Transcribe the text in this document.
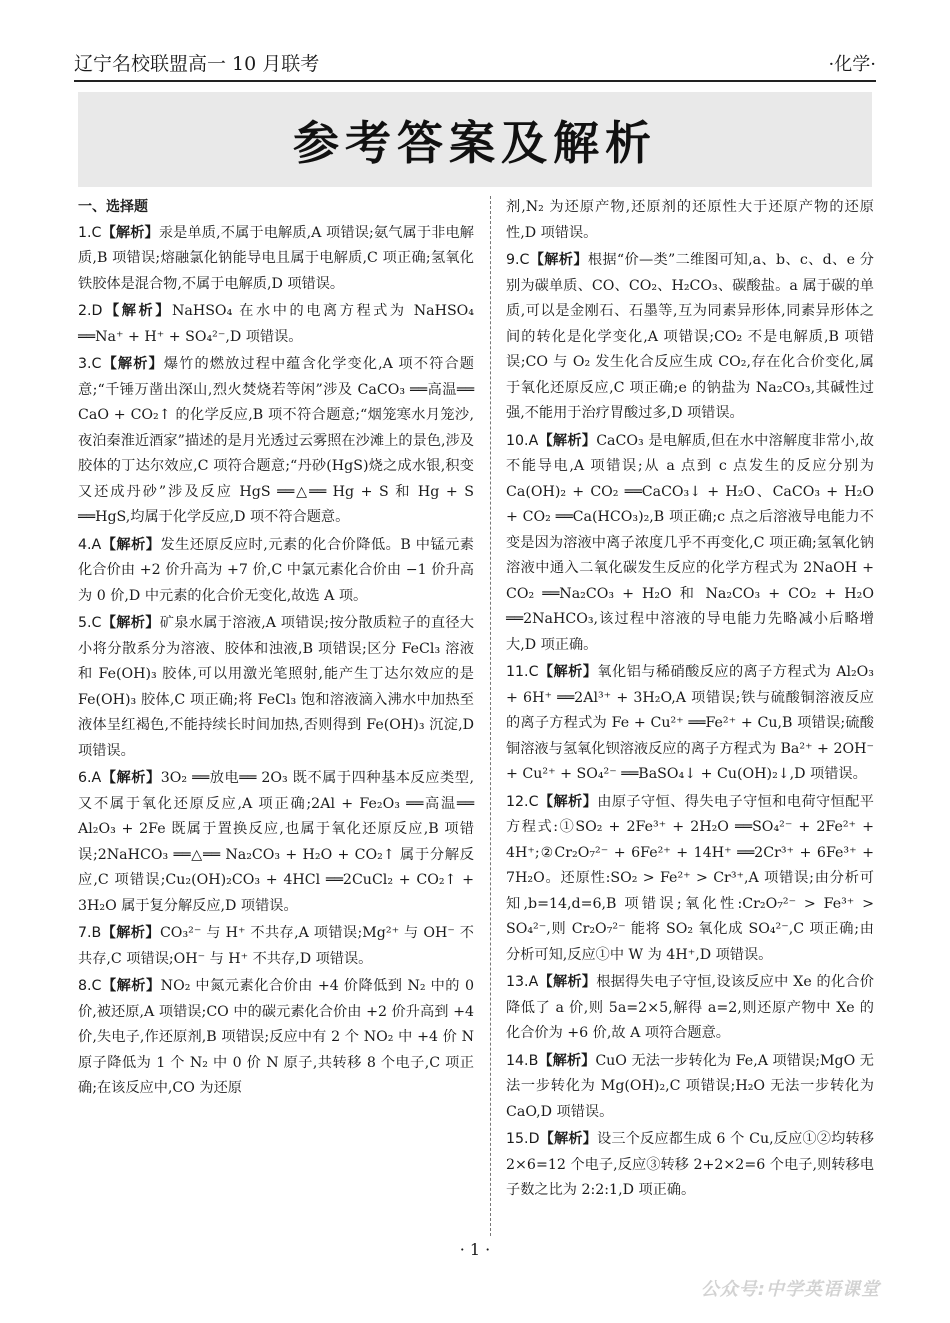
辽宁名校联盟高一 10 月联考	·化学·
参考答案及解析
一、选择题
1.C【解析】汞是单质,不属于电解质,A 项错误;氨气属于非电解质,B 项错误;熔融氯化钠能导电且属于电解质,C 项正确;氢氧化铁胶体是混合物,不属于电解质,D 项错误。
2.D【解析】NaHSO₄ 在水中的电离方程式为 NaHSO₄ ══Na⁺ + H⁺ + SO₄²⁻,D 项错误。
3.C【解析】爆竹的燃放过程中蕴含化学变化,A 项不符合题意;“千锤万凿出深山,烈火焚烧若等闲”涉及 CaCO₃ ══高温══ CaO + CO₂↑ 的化学反应,B 项不符合题意;“烟笼寒水月笼沙,夜泊秦淮近酒家”描述的是月光透过云雾照在沙滩上的景色,涉及胶体的丁达尔效应,C 项符合题意;“丹砂(HgS)烧之成水银,积变又还成丹砂”涉及反应 HgS ══△══ Hg + S 和 Hg + S ══HgS,均属于化学反应,D 项不符合题意。
4.A【解析】发生还原反应时,元素的化合价降低。B 中锰元素化合价由 +2 价升高为 +7 价,C 中氯元素化合价由 −1 价升高为 0 价,D 中元素的化合价无变化,故选 A 项。
5.C【解析】矿泉水属于溶液,A 项错误;按分散质粒子的直径大小将分散系分为溶液、胶体和浊液,B 项错误;区分 FeCl₃ 溶液和 Fe(OH)₃ 胶体,可以用激光笔照射,能产生丁达尔效应的是 Fe(OH)₃ 胶体,C 项正确;将 FeCl₃ 饱和溶液滴入沸水中加热至液体呈红褐色,不能持续长时间加热,否则得到 Fe(OH)₃ 沉淀,D 项错误。
6.A【解析】3O₂ ══放电══ 2O₃ 既不属于四种基本反应类型,又不属于氧化还原反应,A 项正确;2Al + Fe₂O₃ ══高温══ Al₂O₃ + 2Fe 既属于置换反应,也属于氧化还原反应,B 项错误;2NaHCO₃ ══△══ Na₂CO₃ + H₂O + CO₂↑ 属于分解反应,C 项错误;Cu₂(OH)₂CO₃ + 4HCl ══2CuCl₂ + CO₂↑ + 3H₂O 属于复分解反应,D 项错误。
7.B【解析】CO₃²⁻ 与 H⁺ 不共存,A 项错误;Mg²⁺ 与 OH⁻ 不共存,C 项错误;OH⁻ 与 H⁺ 不共存,D 项错误。
8.C【解析】NO₂ 中氮元素化合价由 +4 价降低到 N₂ 中的 0 价,被还原,A 项错误;CO 中的碳元素化合价由 +2 价升高到 +4 价,失电子,作还原剂,B 项错误;反应中有 2 个 NO₂ 中 +4 价 N 原子降低为 1 个 N₂ 中 0 价 N 原子,共转移 8 个电子,C 项正确;在该反应中,CO 为还原
剂,N₂ 为还原产物,还原剂的还原性大于还原产物的还原性,D 项错误。
9.C【解析】根据“价—类”二维图可知,a、b、c、d、e 分别为碳单质、CO、CO₂、H₂CO₃、碳酸盐。a 属于碳的单质,可以是金刚石、石墨等,互为同素异形体,同素异形体之间的转化是化学变化,A 项错误;CO₂ 不是电解质,B 项错误;CO 与 O₂ 发生化合反应生成 CO₂,存在化合价变化,属于氧化还原反应,C 项正确;e 的钠盐为 Na₂CO₃,其碱性过强,不能用于治疗胃酸过多,D 项错误。
10.A【解析】CaCO₃ 是电解质,但在水中溶解度非常小,故不能导电,A 项错误;从 a 点到 c 点发生的反应分别为 Ca(OH)₂ + CO₂ ══CaCO₃↓ + H₂O、CaCO₃ + H₂O + CO₂ ══Ca(HCO₃)₂,B 项正确;c 点之后溶液导电能力不变是因为溶液中离子浓度几乎不再变化,C 项正确;氢氧化钠溶液中通入二氧化碳发生反应的化学方程式为 2NaOH + CO₂ ══Na₂CO₃ + H₂O 和 Na₂CO₃ + CO₂ + H₂O ══2NaHCO₃,该过程中溶液的导电能力先略减小后略增大,D 项正确。
11.C【解析】氧化铝与稀硝酸反应的离子方程式为 Al₂O₃ + 6H⁺ ══2Al³⁺ + 3H₂O,A 项错误;铁与硫酸铜溶液反应的离子方程式为 Fe + Cu²⁺ ══Fe²⁺ + Cu,B 项错误;硫酸铜溶液与氢氧化钡溶液反应的离子方程式为 Ba²⁺ + 2OH⁻ + Cu²⁺ + SO₄²⁻ ══BaSO₄↓ + Cu(OH)₂↓,D 项错误。
12.C【解析】由原子守恒、得失电子守恒和电荷守恒配平方程式:①SO₂ + 2Fe³⁺ + 2H₂O ══SO₄²⁻ + 2Fe²⁺ + 4H⁺;②Cr₂O₇²⁻ + 6Fe²⁺ + 14H⁺ ══2Cr³⁺ + 6Fe³⁺ + 7H₂O。还原性:SO₂ > Fe²⁺ > Cr³⁺,A 项错误;由分析可知,b=14,d=6,B 项错误;氧化性:Cr₂O₇²⁻ > Fe³⁺ > SO₄²⁻,则 Cr₂O₇²⁻ 能将 SO₂ 氧化成 SO₄²⁻,C 项正确;由分析可知,反应①中 W 为 4H⁺,D 项错误。
13.A【解析】根据得失电子守恒,设该反应中 Xe 的化合价降低了 a 价,则 5a=2×5,解得 a=2,则还原产物中 Xe 的化合价为 +6 价,故 A 项符合题意。
14.B【解析】CuO 无法一步转化为 Fe,A 项错误;MgO 无法一步转化为 Mg(OH)₂,C 项错误;H₂O 无法一步转化为 CaO,D 项错误。
15.D【解析】设三个反应都生成 6 个 Cu,反应①②均转移 2×6=12 个电子,反应③转移 2+2×2=6 个电子,则转移电子数之比为 2:2:1,D 项正确。
· 1 ·
公众号:中学英语课堂
